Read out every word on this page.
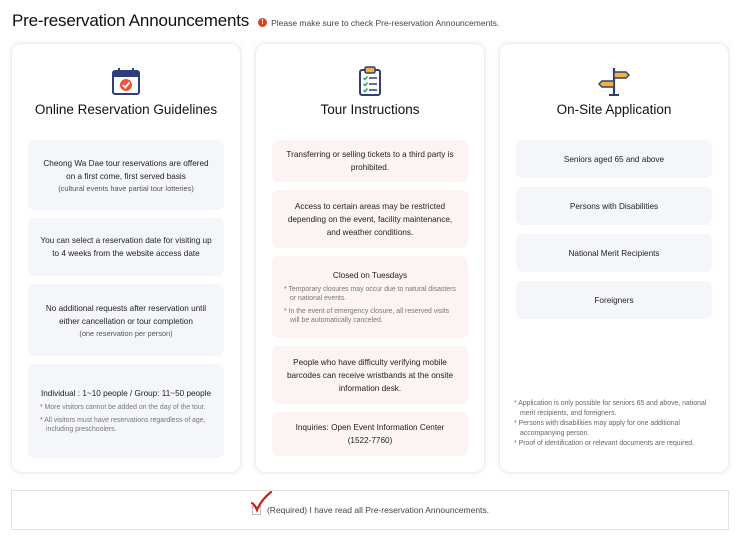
Pre-reservation Announcements	! Please make sure to check Pre-reservation Announcements.
Online Reservation Guidelines
Cheong Wa Dae tour reservations are offered on a first come, first served basis
(cultural events have partial tour lotteries)
You can select a reservation date for visiting up to 4 weeks from the website access date
No additional requests after reservation until either cancellation or tour completion
(one reservation per person)
Individual : 1~10 people / Group: 11~50 people
* More visitors cannot be added on the day of the tour.
* All visitors must have reservations regardless of age, including preschoolers.
Tour Instructions
Transferring or selling tickets to a third party is prohibited.
Access to certain areas may be restricted depending on the event, facility maintenance, and weather conditions.
Closed on Tuesdays
* Temporary closures may occur due to natural disasters or national events.
* In the event of emergency closure, all reserved visits will be automatically canceled.
People who have difficulty verifying mobile barcodes can receive wristbands at the onsite information desk.
Inquiries: Open Event Information Center (1522-7760)
On-Site Application
Seniors aged 65 and above
Persons with Disabilities
National Merit Recipients
Foreigners
* Application is only possible for seniors 65 and above, national merit recipients, and foreigners.
* Persons with disabilities may apply for one additional accompanying person.
* Proof of identification or relevant documents are required.
(Required) I have read all Pre-reservation Announcements.
